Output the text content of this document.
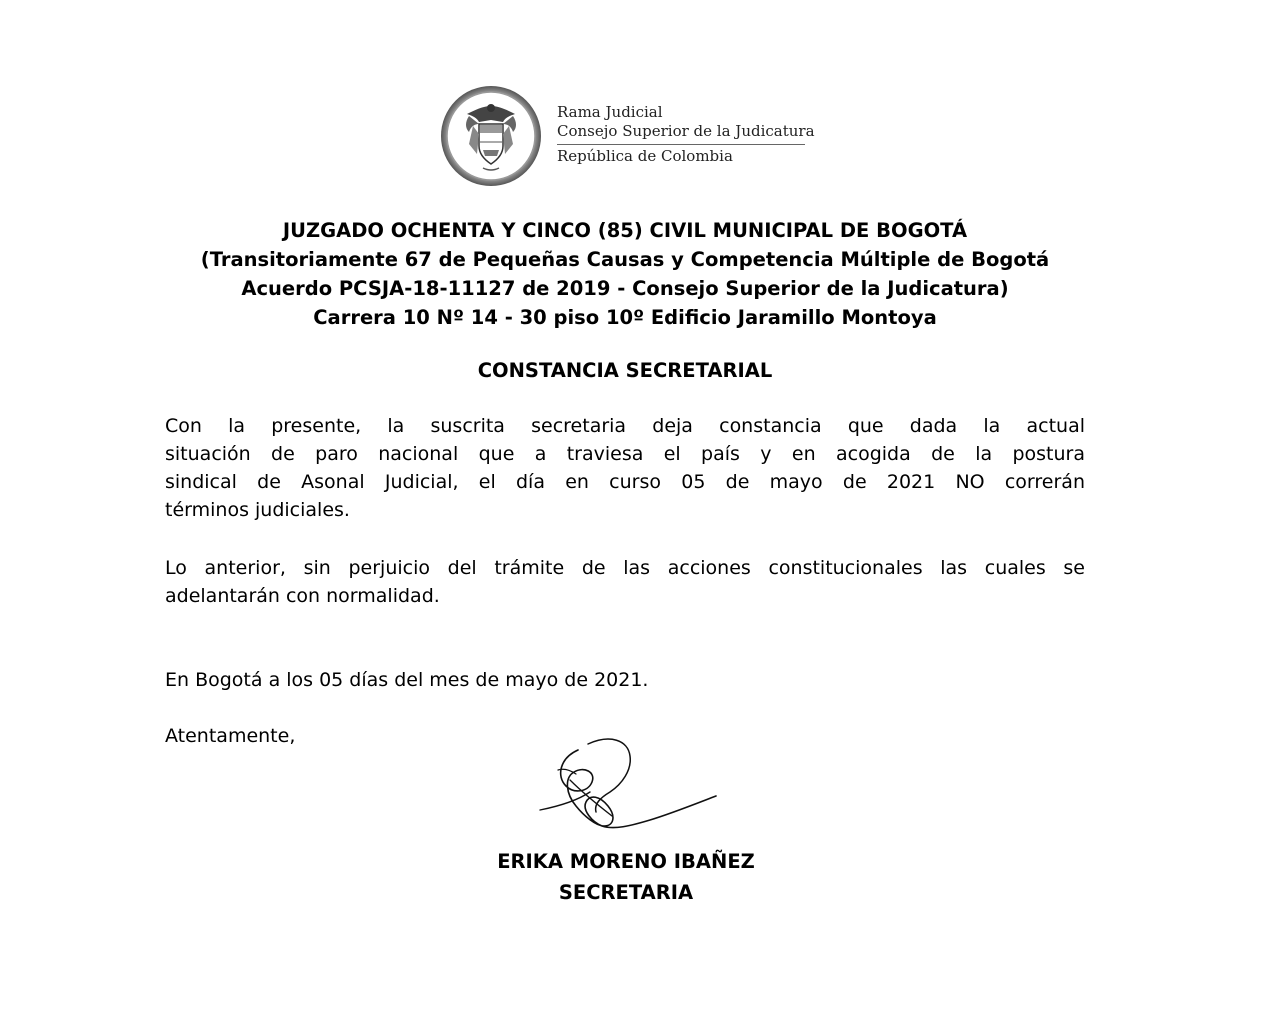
Rama Judicial
Consejo Superior de la Judicatura
República de Colombia
JUZGADO OCHENTA Y CINCO (85) CIVIL MUNICIPAL DE BOGOTÁ
(Transitoriamente 67 de Pequeñas Causas y Competencia Múltiple de Bogotá
Acuerdo PCSJA-18-11127 de 2019 - Consejo Superior de la Judicatura)
Carrera 10 Nº 14 - 30 piso 10º Edificio Jaramillo Montoya
CONSTANCIA SECRETARIAL
Con la presente, la suscrita secretaria deja constancia que dada la actual
situación de paro nacional que a traviesa el país y en acogida de la postura
sindical de Asonal Judicial, el día en curso 05 de mayo de 2021 NO correrán
términos judiciales.
Lo anterior, sin perjuicio del trámite de las acciones constitucionales las cuales se
adelantarán con normalidad.
En Bogotá a los 05 días del mes de mayo de 2021.
Atentamente,
ERIKA MORENO IBAÑEZ
SECRETARIA
